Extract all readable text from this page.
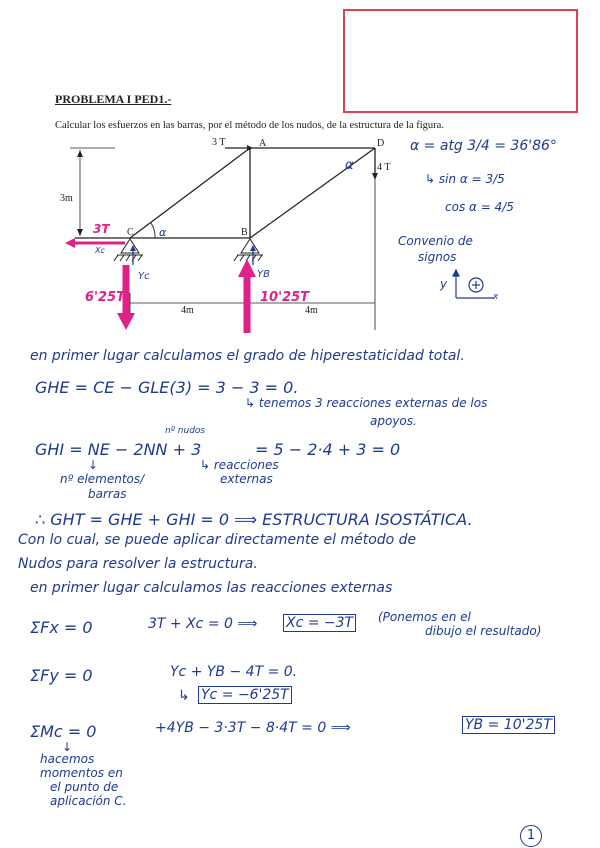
PROBLEMA I PED1.-
Calcular los esfuerzos en las barras, por el método de los nudos, de la estructura de la figura.
3 T	A	D
4 T
B
C
3m
4m	4m
α
α
3T
Xc
Yc
6'25T
YB
10'25T
α = atg 3/4 = 36'86°
↳ sin α = 3/5
cos α = 4/5
Convenio de
signos
y
x
en primer lugar calculamos el grado de hiperestaticidad total.
GHE = CE − GLE(3) = 3 − 3 = 0.
↳ tenemos 3 reacciones externas de los
apoyos.
nº nudos
GHI = NE − 2NN + 3	= 5 − 2·4 + 3 = 0
↓	↳ reacciones
externas
nº elementos/
barras
∴ GHT = GHE + GHI = 0 ⟹ ESTRUCTURA ISOSTÁTICA.
Con lo cual, se puede aplicar directamente el método de
Nudos para resolver la estructura.
en primer lugar calculamos las reacciones externas
ΣFx = 0	3T + Xc = 0 ⟹ Xc = −3T (Ponemos en el
dibujo el resultado)
ΣFy = 0	Yc + YB − 4T = 0.
↳ Yc = −6'25T
ΣMc = 0	+4YB − 3·3T − 8·4T = 0 ⟹	YB = 10'25T
↓
hacemos
momentos en
el punto de
aplicación C.
1
